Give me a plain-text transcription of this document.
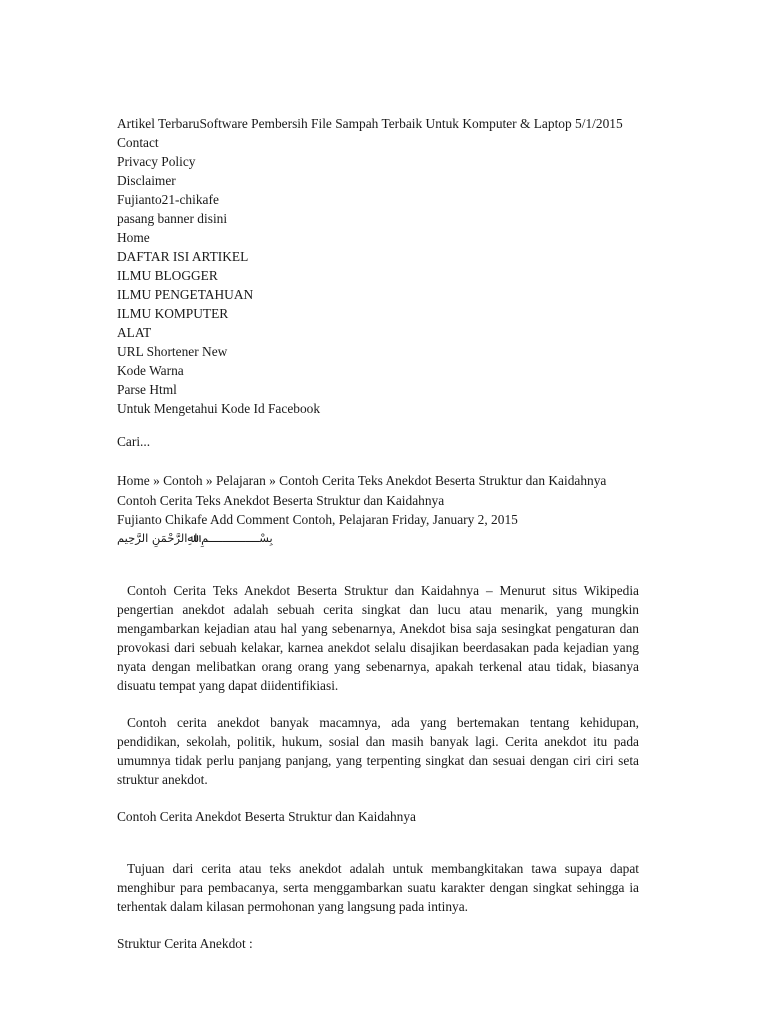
Artikel TerbaruSoftware Pembersih File Sampah Terbaik Untuk Komputer & Laptop 5/1/2015
Contact
Privacy Policy
Disclaimer
Fujianto21-chikafe
pasang banner disini
Home
DAFTAR ISI ARTIKEL
ILMU BLOGGER
ILMU PENGETAHUAN
ILMU KOMPUTER
ALAT
URL Shortener New
Kode Warna
Parse Html
Untuk Mengetahui Kode Id Facebook
Cari...
Home » Contoh » Pelajaran » Contoh Cerita Teks Anekdot Beserta Struktur dan Kaidahnya
Contoh Cerita Teks Anekdot Beserta Struktur dan Kaidahnya
Fujianto Chikafe Add Comment Contoh, Pelajaran Friday, January 2, 2015
بِسْـــــــــــــــمِ اﷲِالرَّحْمَنِ الرَّحِيم

Contoh Cerita Teks Anekdot Beserta Struktur dan Kaidahnya – Menurut situs Wikipedia pengertian anekdot adalah sebuah cerita singkat dan lucu atau menarik, yang mungkin mengambarkan kejadian atau hal yang sebenarnya, Anekdot bisa saja sesingkat pengaturan dan provokasi dari sebuah kelakar, karnea anekdot selalu disajikan beerdasakan pada kejadian yang nyata dengan melibatkan orang orang yang sebenarnya, apakah terkenal atau tidak, biasanya disuatu tempat yang dapat diidentifikiasi.

Contoh cerita anekdot banyak macamnya, ada yang bertemakan tentang kehidupan, pendidikan, sekolah, politik, hukum, sosial dan masih banyak lagi. Cerita anekdot itu pada umumnya tidak perlu panjang panjang, yang terpenting singkat dan sesuai dengan ciri ciri seta struktur anekdot.

Contoh Cerita Anekdot Beserta Struktur dan Kaidahnya

Tujuan dari cerita atau teks anekdot adalah untuk membangkitakan tawa supaya dapat menghibur para pembacanya, serta menggambarkan suatu karakter dengan singkat sehingga ia terhentak dalam kilasan permohonan yang langsung pada intinya.

Struktur Cerita Anekdot :
